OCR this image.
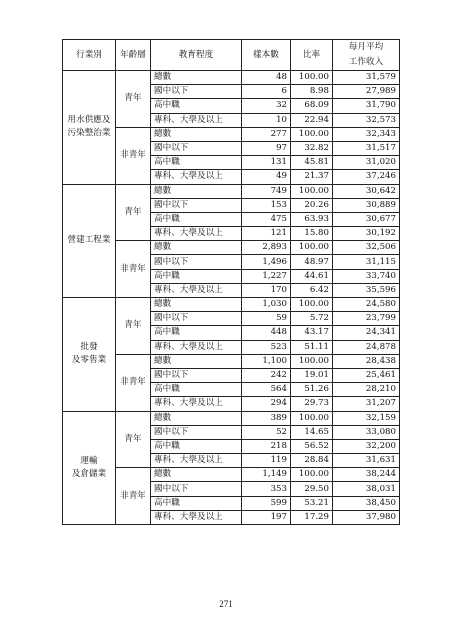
行業別	年齡層	教育程度	樣本數	比率	每月平均
工作收入

用水供應及
污染整治業	青年	總數	48	100.00	31,579
		國中以下	6	8.98	27,989
		高中職	32	68.09	31,790
		專科、大學及以上	10	22.94	32,573

	非青年	總數	277	100.00	32,343
		國中以下	97	32.82	31,517
		高中職	131	45.81	31,020
		專科、大學及以上	49	21.37	37,246

營建工程業	青年	總數	749	100.00	30,642
		國中以下	153	20.26	30,889
		高中職	475	63.93	30,677
		專科、大學及以上	121	15.80	30,192

	非青年	總數	2,893	100.00	32,506
		國中以下	1,496	48.97	31,115
		高中職	1,227	44.61	33,740
		專科、大學及以上	170	6.42	35,596

批發
及零售業	青年	總數	1,030	100.00	24,580
		國中以下	59	5.72	23,799
		高中職	448	43.17	24,341
		專科、大學及以上	523	51.11	24,878

	非青年	總數	1,100	100.00	28,438
		國中以下	242	19.01	25,461
		高中職	564	51.26	28,210
		專科、大學及以上	294	29.73	31,207

運輸
及倉儲業	青年	總數	389	100.00	32,159
		國中以下	52	14.65	33,080
		高中職	218	56.52	32,200
		專科、大學及以上	119	28.84	31,631

	非青年	總數	1,149	100.00	38,244
		國中以下	353	29.50	38,031
		高中職	599	53.21	38,450
		專科、大學及以上	197	17.29	37,980
271
